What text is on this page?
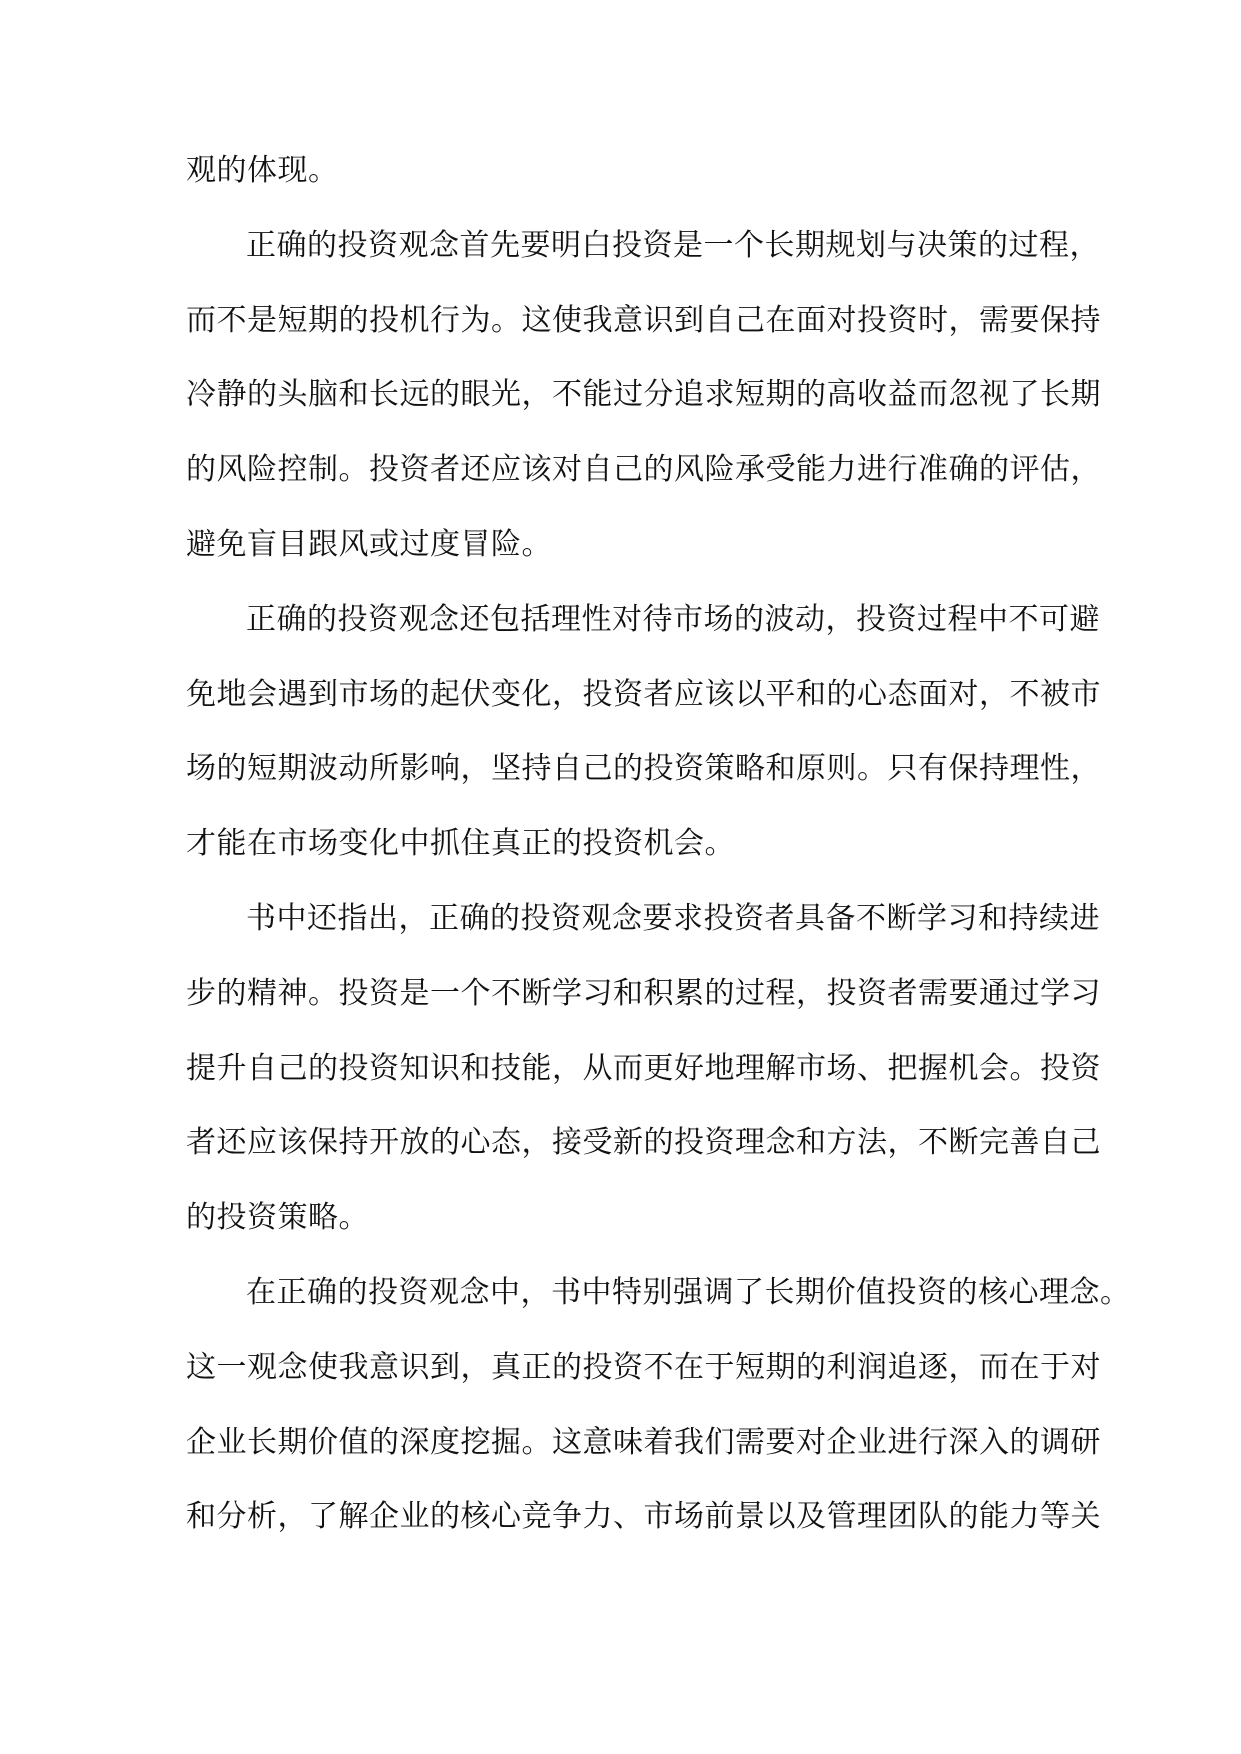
观的体现。
正确的投资观念首先要明白投资是一个长期规划与决策的过程，
而不是短期的投机行为。这使我意识到自己在面对投资时，需要保持
冷静的头脑和长远的眼光，不能过分追求短期的高收益而忽视了长期
的风险控制。投资者还应该对自己的风险承受能力进行准确的评估，
避免盲目跟风或过度冒险。
正确的投资观念还包括理性对待市场的波动，投资过程中不可避
免地会遇到市场的起伏变化，投资者应该以平和的心态面对，不被市
场的短期波动所影响，坚持自己的投资策略和原则。只有保持理性，
才能在市场变化中抓住真正的投资机会。
书中还指出，正确的投资观念要求投资者具备不断学习和持续进
步的精神。投资是一个不断学习和积累的过程，投资者需要通过学习
提升自己的投资知识和技能，从而更好地理解市场、把握机会。投资
者还应该保持开放的心态，接受新的投资理念和方法，不断完善自己
的投资策略。
在正确的投资观念中，书中特别强调了长期价值投资的核心理念。
这一观念使我意识到，真正的投资不在于短期的利润追逐，而在于对
企业长期价值的深度挖掘。这意味着我们需要对企业进行深入的调研
和分析，了解企业的核心竞争力、市场前景以及管理团队的能力等关
